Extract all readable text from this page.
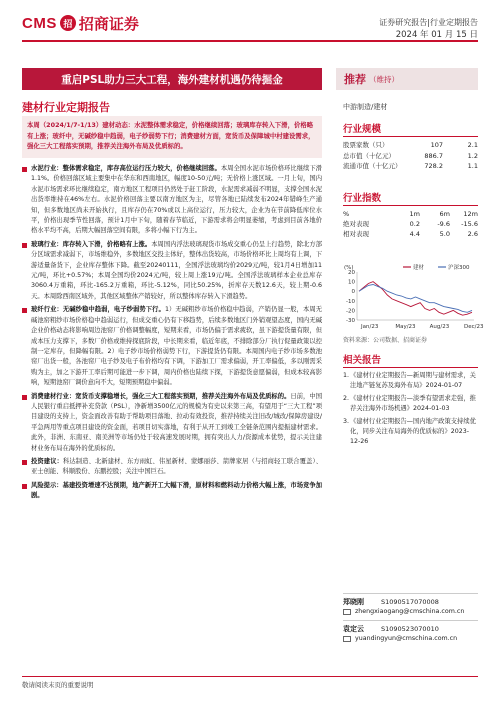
CMS 招 招商证券	证券研究报告|行业定期报告
2024 年 01 月 15 日
重启PSL助力三大工程，海外建材机遇仍待掘金	推荐 （维持）
建材行业定期报告	中游制造/建材
本周（2024/1/7-1/13）建材动态：水泥整体需求稳定，价格继续回落；玻璃库存转入下滑，价格略有上涨；玻纤中，无碱纱稳中趋弱，电子纱弱势下行；消费建材方面，宽货币及保障城中村建设需求，强化三大工程落实预期，推荐关注海外布局及优质标的。
水泥行业：整体需求稳定，库存高位运行压力较大，价格继续回落。本周全国水泥市场价格环比继续下滑1.1%。价格回落区域主要集中在华东和西南地区，幅度10-50元/吨；无价格上涨区域。一月上旬，国内水泥市场需求环比继续稳定，南方地区工程项目仍然处于赶工阶段，水泥需求减弱不明显，支撑全国水泥出货率维持在46%左右。水泥价格回落主要以南方地区为主，尽管各地已陆续发布2024年错峰生产通知，但多数地区尚未开始执行，且库存仍在70%或以上高位运行，压力较大，企业为在节前降低库位水平，价格出现季节性回落，预计1月中下旬，随着春节临近，下游需求将会明显萎缩，考虑到目前各地价格水平均不高，后期大幅回落空间有限，多将小幅下行为主。
玻璃行业：库存转入下滑，价格略有上涨。本周国内浮法玻璃现货市场成交重心仍呈上行趋势，除北方部分区域需求减弱下，市场维稳外，多数地区交投主体好，整体出货较高，市场价格环比上周均有上调，下游适量备货下，企业库存整体下降。截至20240111，全国浮法玻璃均价2029元/吨，较1月4日增加11元/吨，环比+0.57%；本周全国均价2024元/吨，较上周上涨19元/吨。全国浮法玻璃样本企业总库存3060.4万重箱，环比-165.2万重箱，环比-5.12%，同比50.25%，折库存天数12.6天，较上期-0.6天。本周除西南区域外，其他区域整体产销较好，所以整体库存转入下滑趋势。
玻纤行业：无碱纱稳中趋弱，电子纱弱势下行。1）无碱粗纱市场价格稳中趋弱，产销仍显一般，本周无碱池窑粗纱市场价格稳中趋弱运行，但成交重心仍有下移趋势，后续多数地区门外销观望态度，国内无碱企业价格动态将影响周边池窑厂价格调整幅度，短期来看，市场仍偏于需求疲软，虽下游提货量有限，但成本压力支撑下，多数厂价格或维持探底阶段，中长期来看，临近年底，不排除部分厂执行促量政策以控制一定库存，但降幅有限。2）电子纱市场价格弱势下行，下游提货仍有限。本周国内电子纱市场多数池窑厂出货一般，各池窑厂电子纱及电子布价格均有下调，下游加工厂需求偏弱，开工率偏低，多以刚需采购为主，加之下游开工率后期可能进一步下调，周内价格也陆续下探，下游提货意愿偏弱，但成本较高影响，短期池窑厂调价意向不大，短期预期稳中偏弱。
消费建材行业：宽货币支撑稳增长，强化三大工程落实预期，推荐关注海外布局及优质标的。日前，中国人民银行重启抵押补充贷款（PSL），净新增3500亿元的规模为有史以来第三高，有望用于“三大工程”项目建设的支持上，资金面改善有助于帮助项目落地、拉动有效投资，推荐持续关注旧改/城改/保障房建设/平急两用等重点项目建设的资金面，若项目切实落地，有利于从开工到竣工全链条范围内提振建材需求。此外，非洲、东南亚、南美洲等市场仍处于较高速发展时期，拥有突出人力/资源成本优势，提示关注建材业务布局在海外的优质标的。
投资建议：科达制造、北新建材、东方雨虹、伟星新材、蒙娜丽莎、箭牌家居（与招商轻工联合覆盖）、亚士创能、科顺股份、东鹏控股；关注中国巨石。
风险提示：基建投资增速不达预期，地产新开工大幅下滑，原材料和燃料动力价格大幅上涨，市场竞争加剧。
行业规模
股票家数（只）	107	2.1
总市值（十亿元）	886.7	1.2
流通市值（十亿元）	728.2	1.1
行业指数
%	1m	6m	12m
绝对表现	0.2	-9.6	-15.6
相对表现	4.4	5.0	2.6
(%)	建材	沪深300
20
10
0
-10
-20
-30
Jan/23	May/23	Aug/23	Dec/23
资料来源：公司数据、招商证券
相关报告
1. 《建材行业定期报告—新周期与建材需求，关注地产链复苏及海外布局》2024-01-07
2. 《建材行业定期报告—淡季有望需求走强，推荐关注海外市场机遇》2024-01-03
3. 《建材行业定期报告—国内地产政策支持续优化，同步关注布局海外的优质标的》2023-12-26
郑晓刚	S1090517070008
zhengxiaogang@cmschina.com.cn
袁定云	S1090523070010
yuandingyun@cmschina.com.cn
敬请阅读末页的重要说明
